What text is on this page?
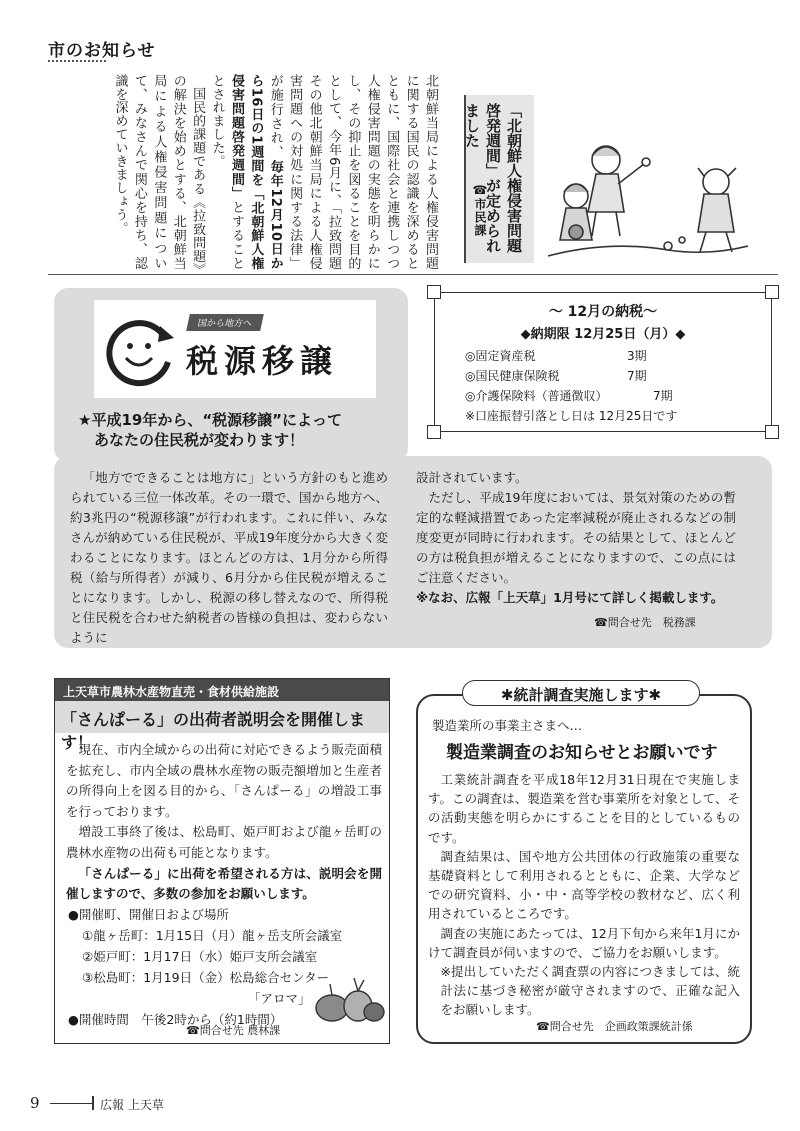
市のお知らせ

北朝鮮当局による人権侵害問題に関する国民の認識を深めるとともに、国際社会と連携しつつ人権侵害問題の実態を明らかにし、その抑止を図ることを目的として、今年6月に、「拉致問題その他北朝鮮当局による人権侵害問題への対処に関する法律」が施行され、毎年12月10日から16日の1週間を「北朝鮮人権侵害問題啓発週間」とすることとされました。

国民的課題である《拉致問題》の解決を始めとする、北朝鮮当局による人権侵害問題について、みなさんで関心を持ち、認識を深めていきましょう。	「北朝鮮人権侵害問題啓発週間」が定められました
☎市民課
国から地方へ
税源移譲
★平成19年から、“税源移譲”によって
あなたの住民税が変わります！

「地方でできることは地方に」という方針のもと進められている三位一体改革。その一環で、国から地方へ、約3兆円の“税源移譲”が行われます。これに伴い、みなさんが納めている住民税が、平成19年度分から大きく変わることになります。ほとんどの方は、1月分から所得税（給与所得者）が減り、6月分から住民税が増えることになります。しかし、税源の移し替えなので、所得税と住民税を合わせた納税者の皆様の負担は、変わらないように

設計されています。

ただし、平成19年度においては、景気対策のための暫定的な軽減措置であった定率減税が廃止されるなどの制度変更が同時に行われます。その結果として、ほとんどの方は税負担が増えることになりますので、この点にはご注意ください。

※なお、広報「上天草」1月号にて詳しく掲載します。

☎問合せ先　税務課
～ 12月の納税～
◆納期限 12月25日（月）◆
◎固定資産税	3期
◎国民健康保険税	7期
◎介護保険料（普通徴収）	7期
※口座振替引落とし日は 12月25日です
上天草市農林水産物直売・食材供給施設
「さんぱーる」の出荷者説明会を開催します！

現在、市内全域からの出荷に対応できるよう販売面積を拡充し、市内全域の農林水産物の販売額増加と生産者の所得向上を図る目的から、「さんぱーる」の増設工事を行っております。

増設工事終了後は、松島町、姫戸町および龍ヶ岳町の農林水産物の出荷も可能となります。

「さんぱーる」に出荷を希望される方は、説明会を開催しますので、多数の参加をお願いします。

●開催町、開催日および場所
①龍ヶ岳町：1月15日（月）龍ヶ岳支所会議室
②姫戸町：1月17日（水）姫戸支所会議室
③松島町：1月19日（金）松島総合センター
「アロマ」
●開催時間　午後2時から（約1時間）
☎問合せ先 農林課
✱統計調査実施します✱
製造業所の事業主さまへ…
製造業調査のお知らせとお願いです

工業統計調査を平成18年12月31日現在で実施します。この調査は、製造業を営む事業所を対象として、その活動実態を明らかにすることを目的としているものです。

調査結果は、国や地方公共団体の行政施策の重要な基礎資料として利用されるとともに、企業、大学などでの研究資料、小・中・高等学校の教材など、広く利用されているところです。

調査の実施にあたっては、12月下旬から来年1月にかけて調査員が伺いますので、ご協力をお願いします。

※提出していただく調査票の内容につきましては、統計法に基づき秘密が厳守されますので、正確な記入をお願いします。

☎問合せ先　企画政策課統計係
9	広報 上天草
